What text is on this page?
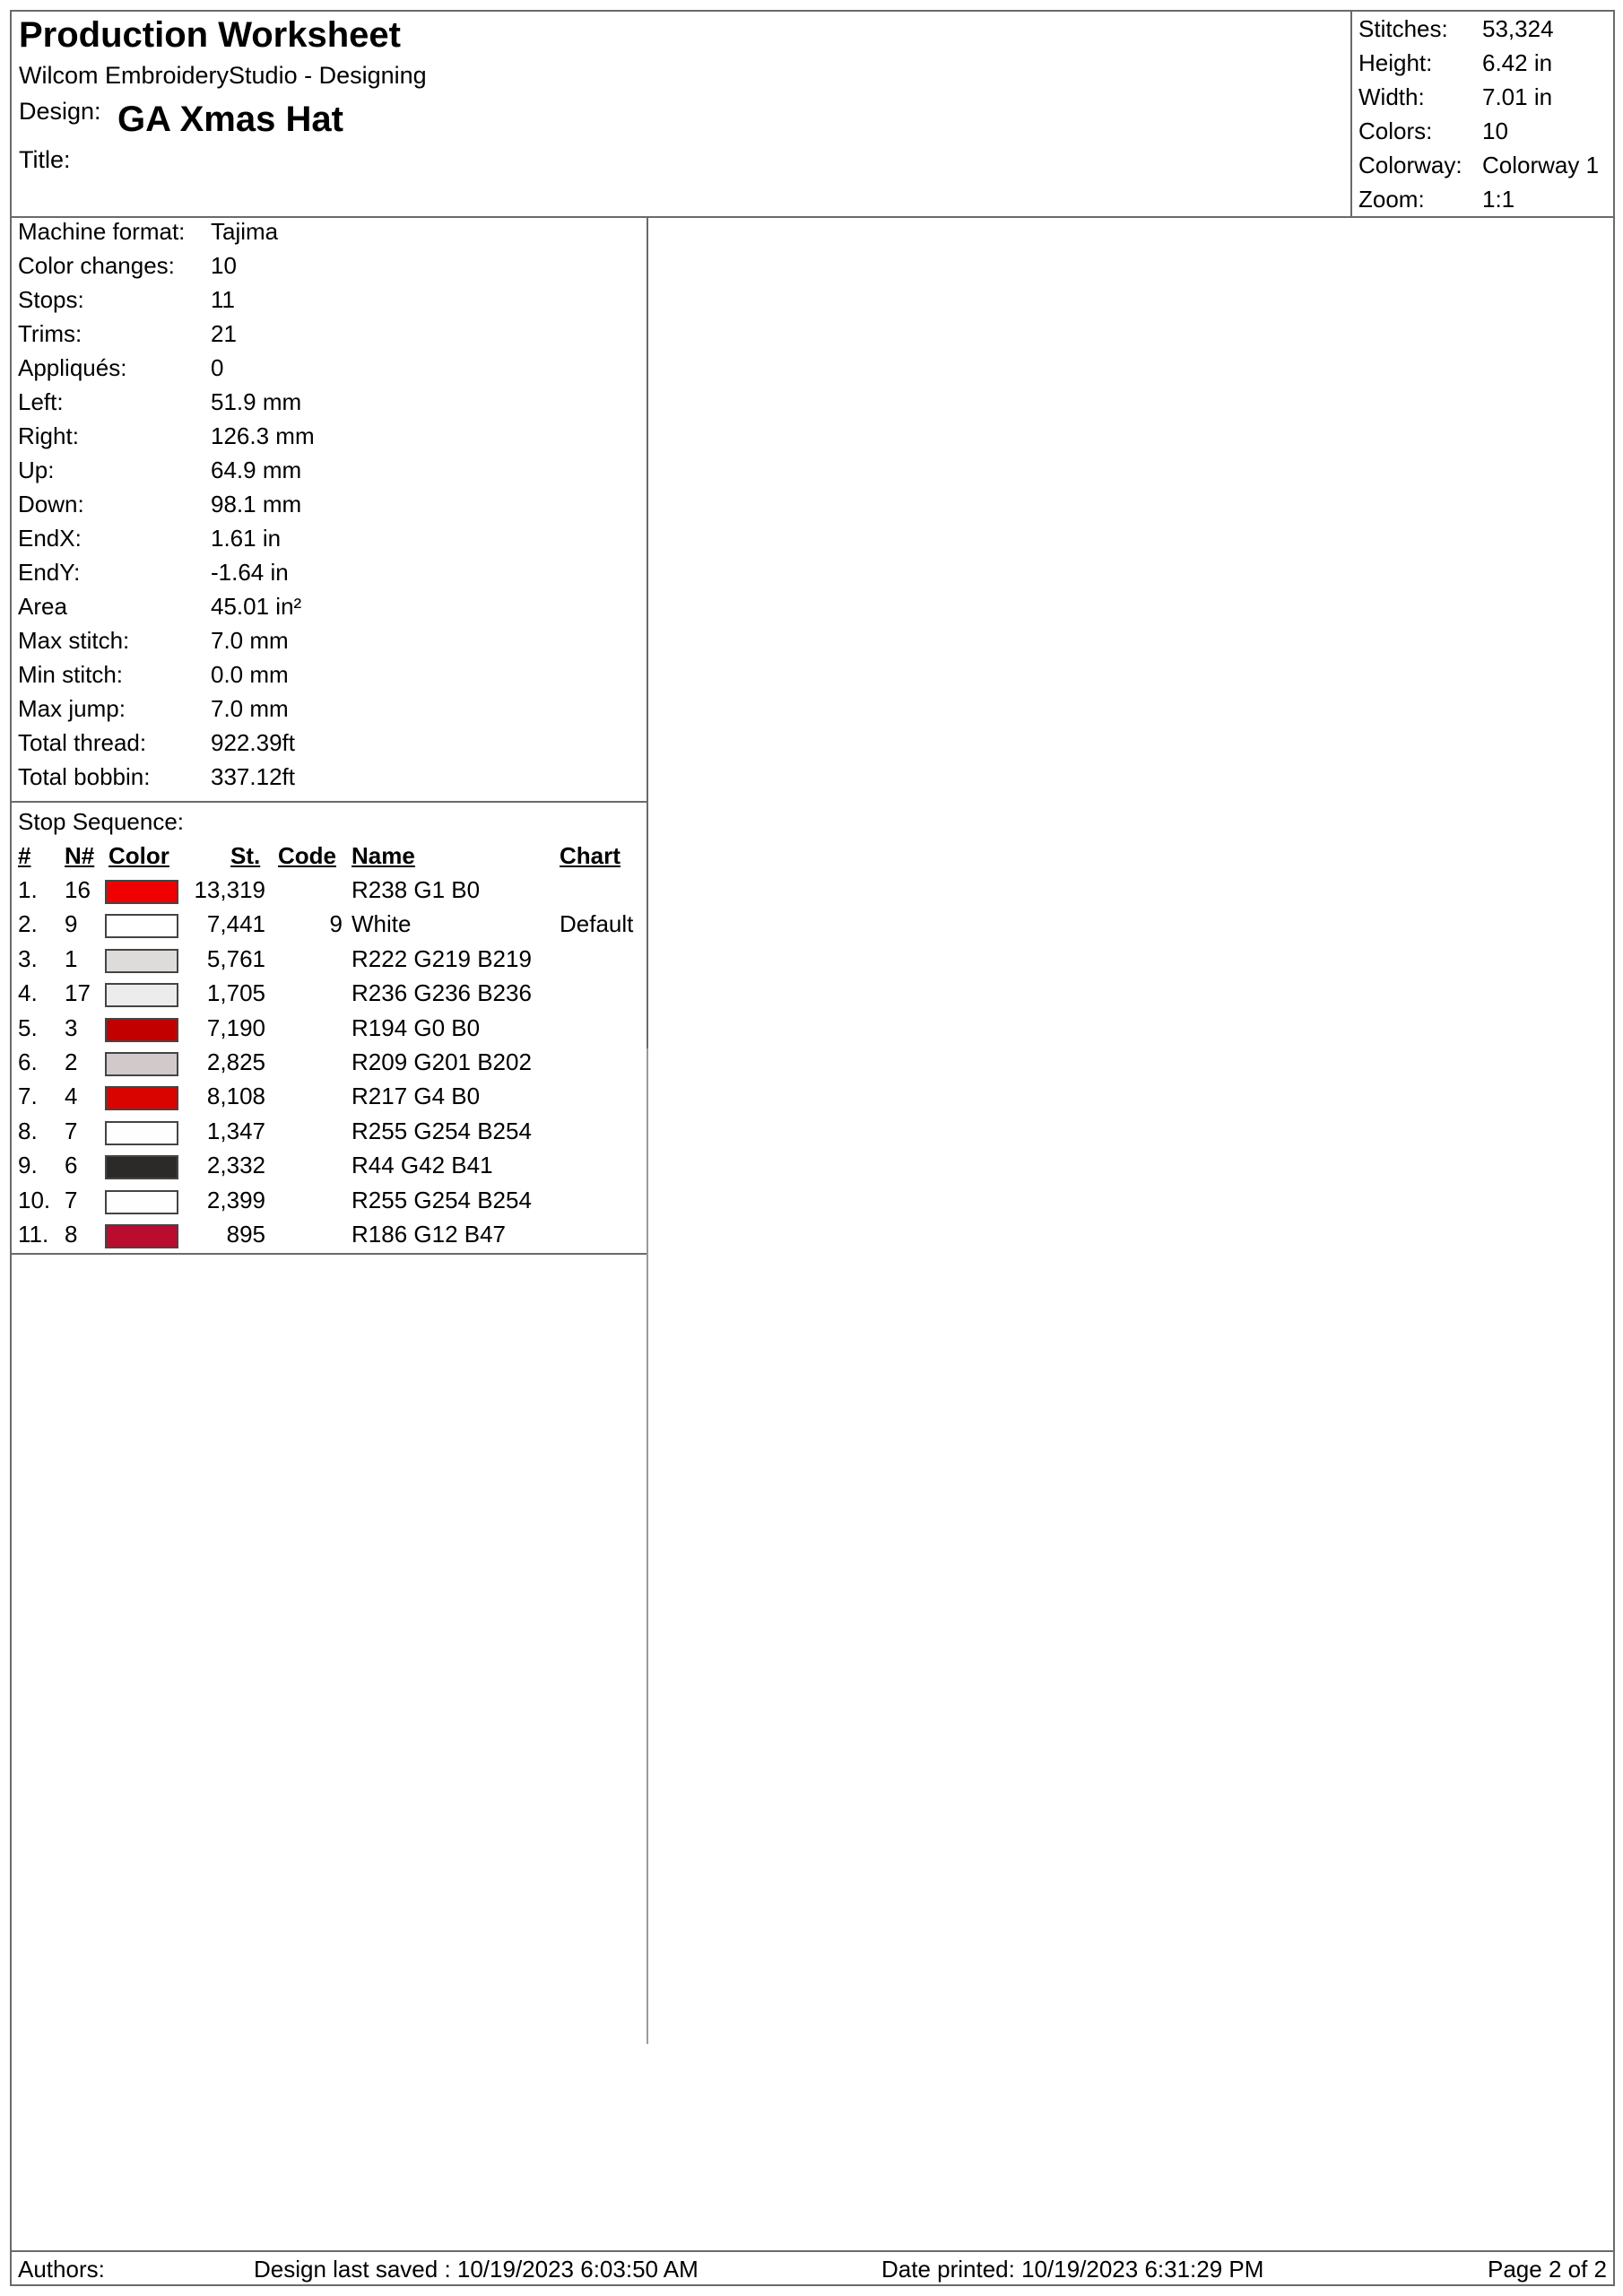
Production Worksheet
Wilcom EmbroideryStudio - Designing
Design: GA Xmas Hat
Title:
Stitches: 53,324
Height: 6.42 in
Width: 7.01 in
Colors: 10
Colorway: Colorway 1
Zoom: 1:1
Machine format: Tajima
Color changes: 10
Stops:	11
Trims:	21
Appliqués:	0
Left:	51.9 mm
Right:	126.3 mm
Up:	64.9 mm
Down:	98.1 mm
EndX:	1.61 in
EndY:	-1.64 in
Area	45.01 in²
Max stitch:	7.0 mm
Min stitch:	0.0 mm
Max jump:	7.0 mm
Total thread:	922.39ft
Total bobbin:	337.12ft
Stop Sequence:
# N# Color	St. Code Name	Chart
1. 16	13,319	R238 G1 B0
2. 9	7,441	9 White	Default
3. 1	5,761	R222 G219 B219
4. 17	1,705	R236 G236 B236
5. 3	7,190	R194 G0 B0
6. 2	2,825	R209 G201 B202
7. 4	8,108	R217 G4 B0
8. 7	1,347	R255 G254 B254
9. 6	2,332	R44 G42 B41
10. 7	2,399	R255 G254 B254
11. 8	895	R186 G12 B47
Authors:	Design last saved : 10/19/2023 6:03:50 AM	Date printed: 10/19/2023 6:31:29 PM	Page 2 of 2
